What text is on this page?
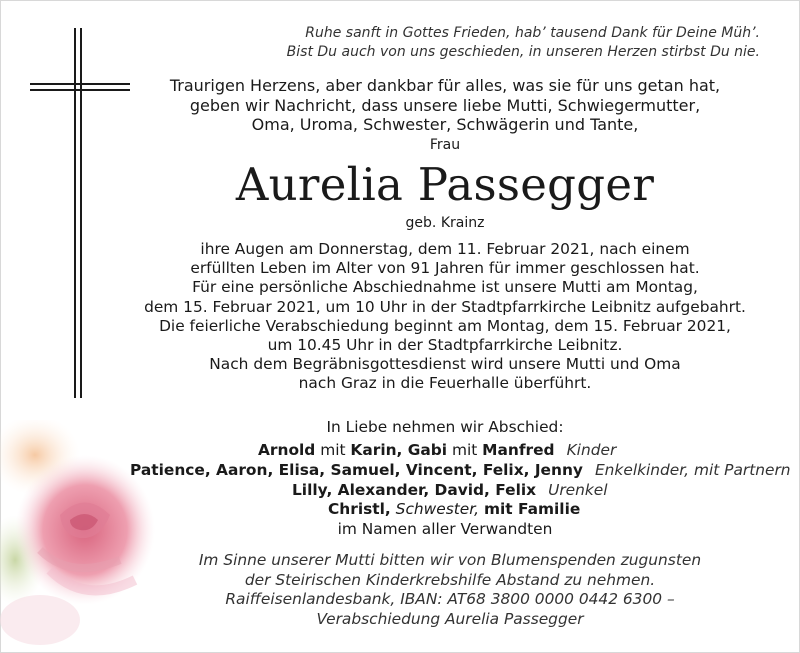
Ruhe sanft in Gottes Frieden, hab’ tausend Dank für Deine Müh’.
Bist Du auch von uns geschieden, in unseren Herzen stirbst Du nie.
Traurigen Herzens, aber dankbar für alles, was sie für uns getan hat,
geben wir Nachricht, dass unsere liebe Mutti, Schwiegermutter,
Oma, Uroma, Schwester, Schwägerin und Tante,
Frau
Aurelia Passegger
geb. Krainz
ihre Augen am Donnerstag, dem 11. Februar 2021, nach einem
erfüllten Leben im Alter von 91 Jahren für immer geschlossen hat.
Für eine persönliche Abschiednahme ist unsere Mutti am Montag,
dem 15. Februar 2021, um 10 Uhr in der Stadtpfarrkirche Leibnitz aufgebahrt.
Die feierliche Verabschiedung beginnt am Montag, dem 15. Februar 2021,
um 10.45 Uhr in der Stadtpfarrkirche Leibnitz.
Nach dem Begräbnisgottesdienst wird unsere Mutti und Oma
nach Graz in die Feuerhalle überführt.
In Liebe nehmen wir Abschied:
Arnold mit Karin, Gabi mit Manfred Kinder
Patience, Aaron, Elisa, Samuel, Vincent, Felix, Jenny Enkelkinder, mit Partnern
Lilly, Alexander, David, Felix Urenkel
Christl, Schwester, mit Familie
im Namen aller Verwandten
Im Sinne unserer Mutti bitten wir von Blumenspenden zugunsten
der Steirischen Kinderkrebshilfe Abstand zu nehmen.
Raiffeisenlandesbank, IBAN: AT68 3800 0000 0442 6300 –
Verabschiedung Aurelia Passegger
